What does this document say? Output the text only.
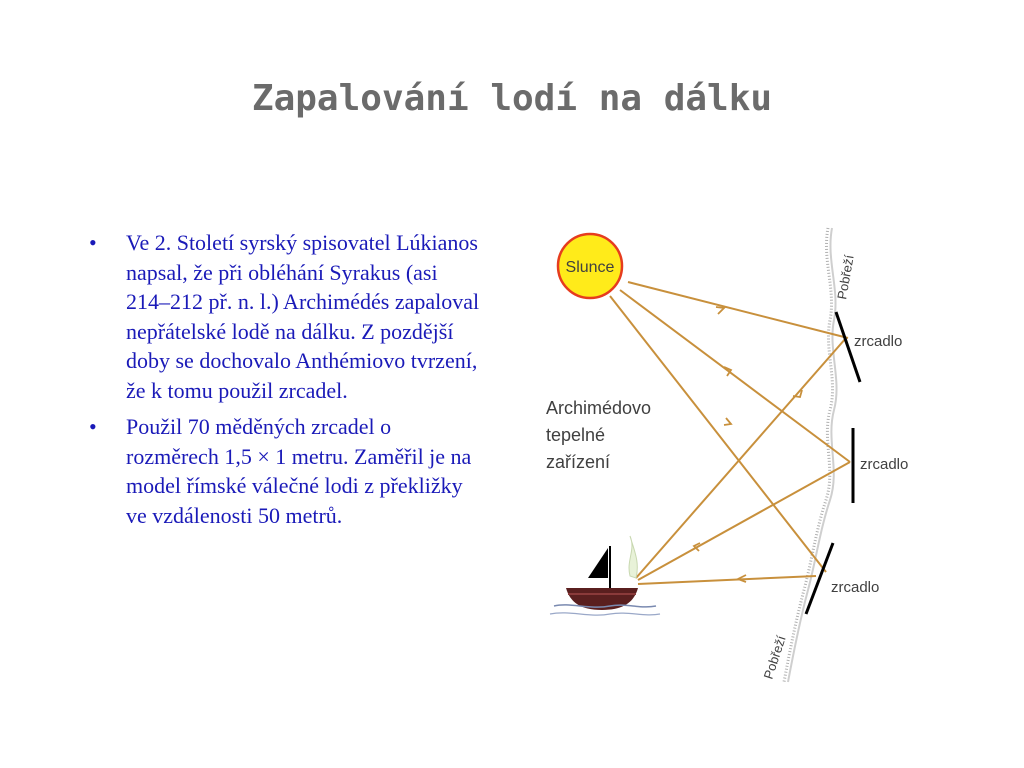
Zapalování lodí na dálku
• Ve 2. Století syrský spisovatel Lúkianos napsal, že při obléhání Syrakus (asi 214–212 př. n. l.) Archimédés zapaloval nepřátelské lodě na dálku. Z pozdější doby se dochovalo Anthémiovo tvrzení, že k tomu použil zrcadel.
• Použil 70 měděných zrcadel o rozměrech 1,5 × 1 metru. Zaměřil je na model římské válečné lodi z překližky ve vzdálenosti 50 metrů.
Slunce
zrcadlo
zrcadlo
zrcadlo
Pobřeží
Pobřeží
Archimédovo tepelné zařízení
